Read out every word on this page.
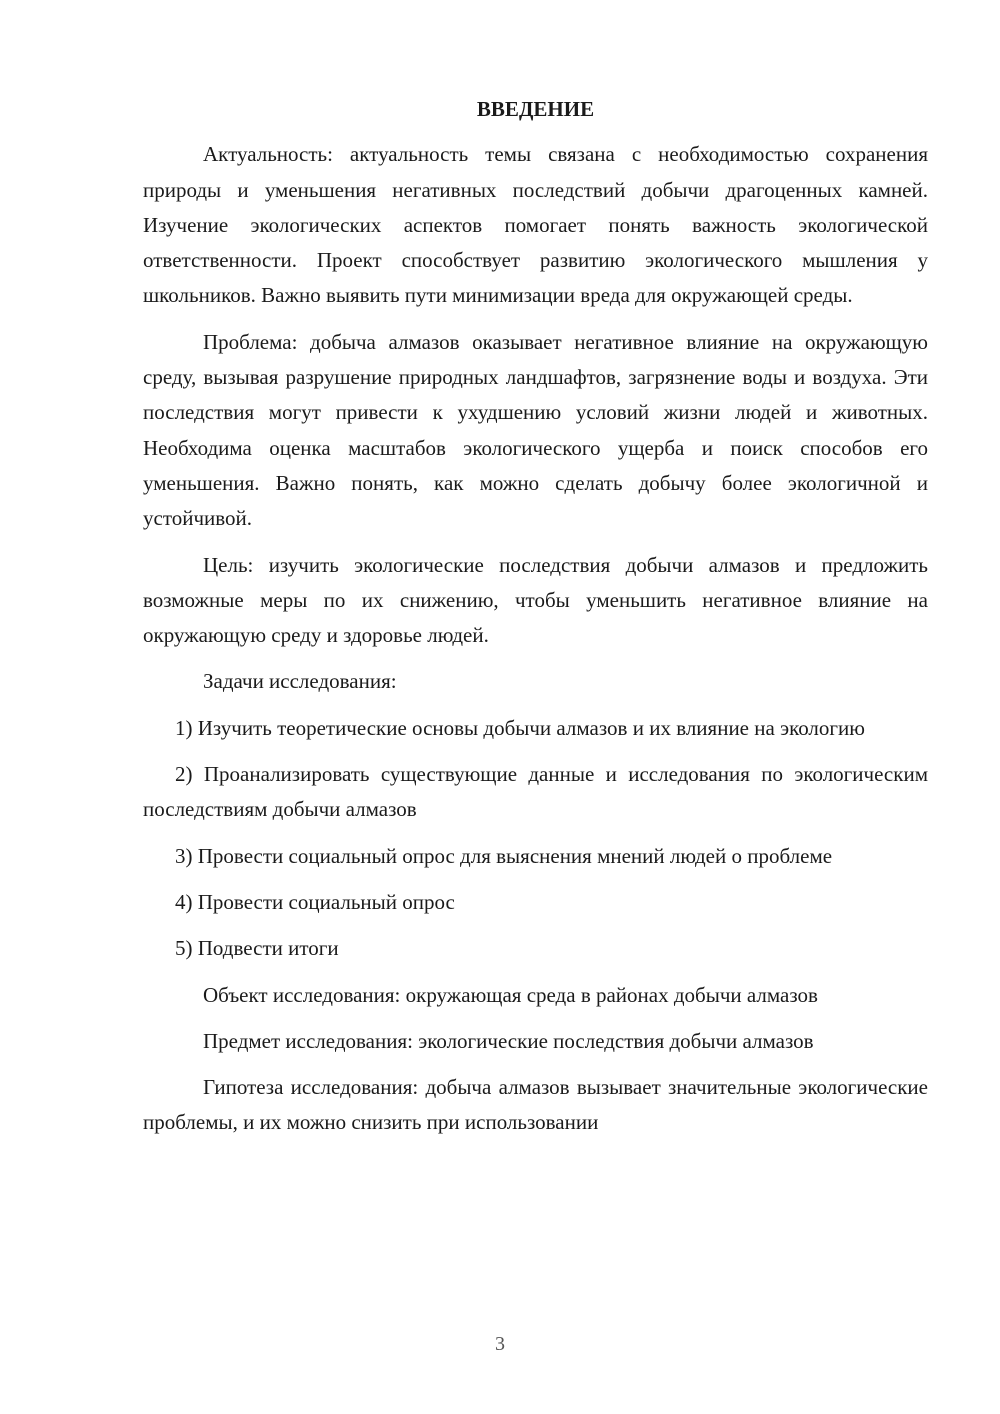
ВВЕДЕНИЕ

Актуальность: актуальность темы связана с необходимостью сохранения природы и уменьшения негативных последствий добычи драгоценных камней. Изучение экологических аспектов помогает понять важность экологической ответственности. Проект способствует развитию экологического мышления у школьников. Важно выявить пути минимизации вреда для окружающей среды.

Проблема: добыча алмазов оказывает негативное влияние на окружающую среду, вызывая разрушение природных ландшафтов, загрязнение воды и воздуха. Эти последствия могут привести к ухудшению условий жизни людей и животных. Необходима оценка масштабов экологического ущерба и поиск способов его уменьшения. Важно понять, как можно сделать добычу более экологичной и устойчивой.

Цель: изучить экологические последствия добычи алмазов и предложить возможные меры по их снижению, чтобы уменьшить негативное влияние на окружающую среду и здоровье людей.

Задачи исследования:

1) Изучить теоретические основы добычи алмазов и их влияние на экологию

2) Проанализировать существующие данные и исследования по экологическим последствиям добычи алмазов

3) Провести социальный опрос для выяснения мнений людей о проблеме

4) Провести социальный опрос

5) Подвести итоги

Объект исследования: окружающая среда в районах добычи алмазов

Предмет исследования: экологические последствия добычи алмазов

Гипотеза исследования: добыча алмазов вызывает значительные экологические проблемы, и их можно снизить при использовании

3
